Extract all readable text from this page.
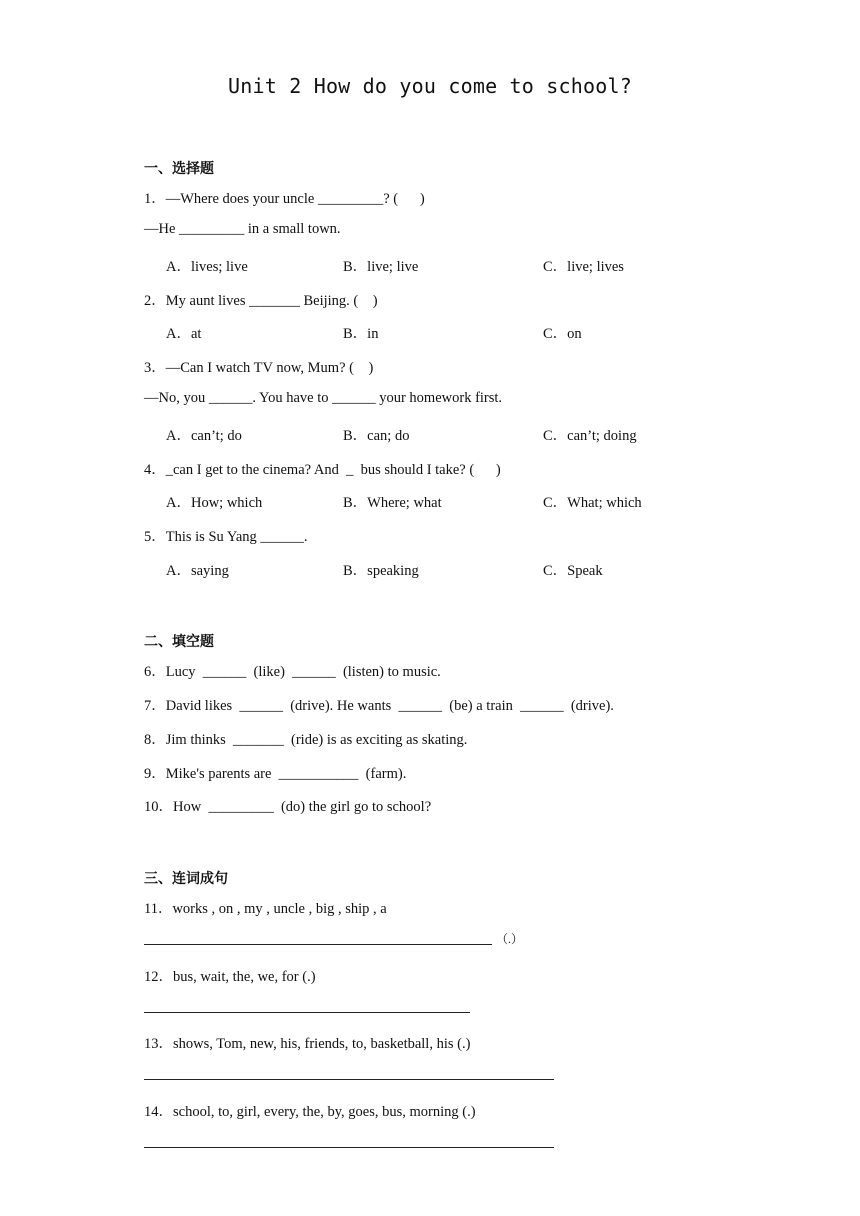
Unit 2 How do you come to school?
一、选择题
1．—Where does your uncle _________? (      )
—He _________ in a small town.
A．lives; live	B．live; live	C．live; lives
2．My aunt lives _______ Beijing. (    )
A．at	B．in	C．on
3．—Can I watch TV now, Mum? (    )
—No, you ______. You have to ______ your homework first.
A．can’t; do	B．can; do	C．can’t; doing
4．_can I get to the cinema? And  _  bus should I take? (      )
A．How; which	B．Where; what	C．What; which
5．This is Su Yang ______.
A．saying	B．speaking	C．Speak
二、填空题
6．Lucy  ______  (like)  ______  (listen) to music.
7．David likes  ______  (drive). He wants  ______  (be) a train  ______  (drive).
8．Jim thinks  _______  (ride) is as exciting as skating.
9．Mike's parents are  ___________  (farm).
10．How  _________  (do) the girl go to school?
三、连词成句
11．works , on , my , uncle , big , ship , a
（.）
12．bus, wait, the, we, for (.)
13．shows, Tom, new, his, friends, to, basketball, his (.)
14．school, to, girl, every, the, by, goes, bus, morning (.)
